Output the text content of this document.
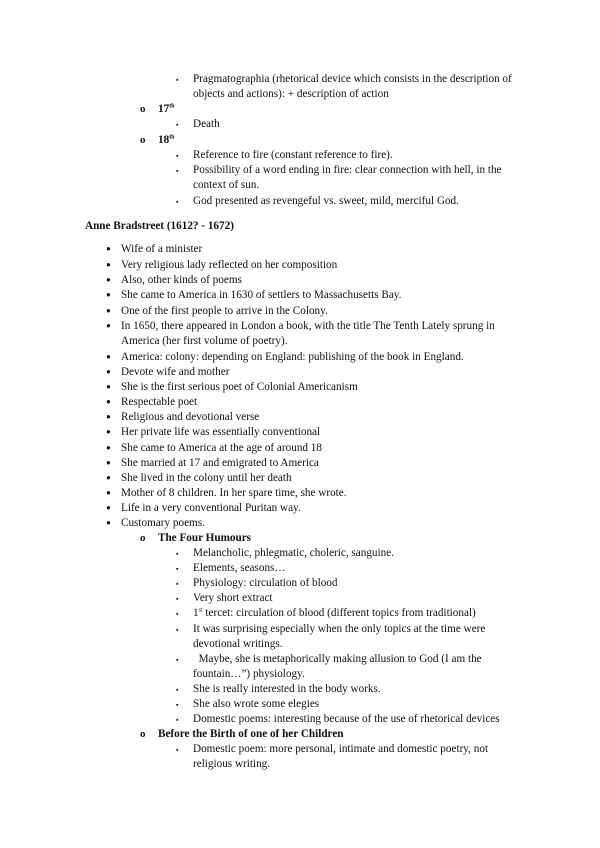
▪ Pragmatographia (rhetorical device which consists in the description of
objects and actions): + description of action
o 17th
▪ Death
o 18th
▪ Reference to fire (constant reference to fire).
▪ Possibility of a word ending in fire: clear connection with hell, in the
context of sun.
▪ God presented as revengeful vs. sweet, mild, merciful God.
Anne Bradstreet (1612? - 1672)
● Wife of a minister
● Very religious lady reflected on her composition
● Also, other kinds of poems
● She came to America in 1630 of settlers to Massachusetts Bay.
● One of the first people to arrive in the Colony.
● In 1650, there appeared in London a book, with the title The Tenth Lately sprung in
America (her first volume of poetry).
● America: colony: depending on England: publishing of the book in England.
● Devote wife and mother
● She is the first serious poet of Colonial Americanism
● Respectable poet
● Religious and devotional verse
● Her private life was essentially conventional
● She came to America at the age of around 18
● She married at 17 and emigrated to America
● She lived in the colony until her death
● Mother of 8 children. In her spare time, she wrote.
● Life in a very conventional Puritan way.
● Customary poems.
o The Four Humours
▪ Melancholic, phlegmatic, choleric, sanguine.
▪ Elements, seasons…
▪ Physiology: circulation of blood
▪ Very short extract
▪ 1st tercet: circulation of blood (different topics from traditional)
▪ It was surprising especially when the only topics at the time were
devotional writings.
▪ Maybe, she is metaphorically making allusion to God (I am the
fountain…”) physiology.
▪ She is really interested in the body works.
▪ She also wrote some elegies
▪ Domestic poems: interesting because of the use of rhetorical devices
o Before the Birth of one of her Children
▪ Domestic poem: more personal, intimate and domestic poetry, not
religious writing.
